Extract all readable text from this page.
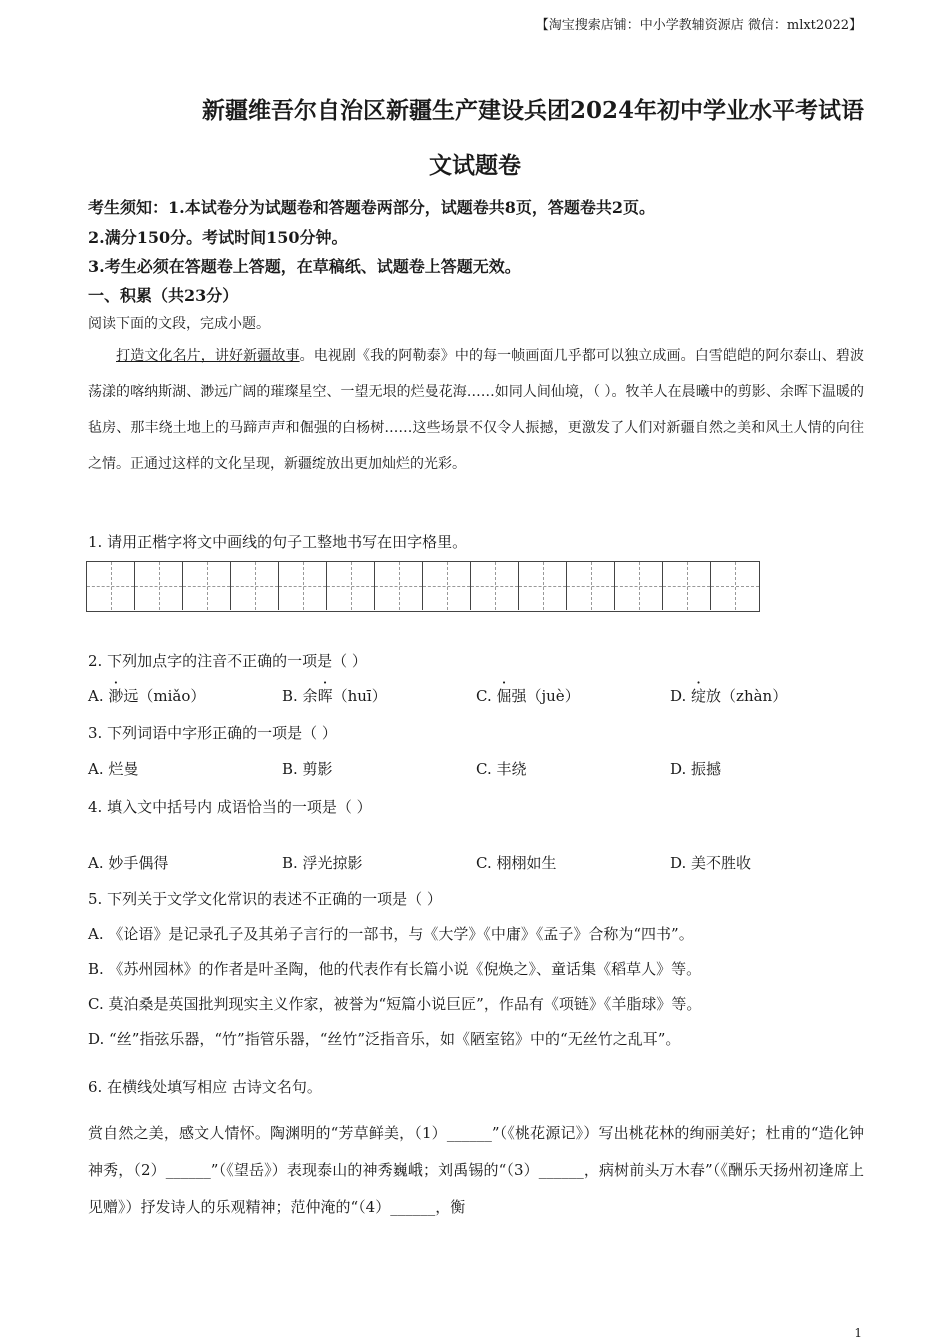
【淘宝搜索店铺：中小学教辅资源店 微信：mlxt2022】
新疆维吾尔自治区新疆生产建设兵团2024年初中学业水平考试语
文试题卷
考生须知：1.本试卷分为试题卷和答题卷两部分，试题卷共8页，答题卷共2页。
2.满分150分。考试时间150分钟。
3.考生必须在答题卷上答题，在草稿纸、试题卷上答题无效。
一、积累（共23分）
阅读下面的文段，完成小题。
打造文化名片，讲好新疆故事。电视剧《我的阿勒泰》中的每一帧画面几乎都可以独立成画。白雪皑皑的阿尔泰山、碧波荡漾的喀纳斯湖、渺远广阔的璀璨星空、一望无垠的烂曼花海……如同人间仙境，（ ）。牧羊人在晨曦中的剪影、余晖下温暖的毡房、那丰绕土地上的马蹄声声和倔强的白杨树……这些场景不仅令人振撼，更激发了人们对新疆自然之美和风土人情的向往之情。正通过这样的文化呈现，新疆绽放出更加灿烂的光彩。
1. 请用正楷字将文中画线的句子工整地书写在田字格里。
2. 下列加点字的注音不正确的一项是（ ）
A. 渺远（miǎo）	B. 余晖（huī）	C. 倔强（juè）	D. 绽放（zhàn）
3. 下列词语中字形正确的一项是（ ）
A. 烂曼	B. 剪影	C. 丰绕	D. 振撼
4. 填入文中括号内 成语恰当的一项是（ ）
A. 妙手偶得	B. 浮光掠影	C. 栩栩如生	D. 美不胜收
5. 下列关于文学文化常识的表述不正确的一项是（ ）
A. 《论语》是记录孔子及其弟子言行的一部书，与《大学》《中庸》《孟子》合称为“四书”。
B. 《苏州园林》的作者是叶圣陶，他的代表作有长篇小说《倪焕之》、童话集《稻草人》等。
C. 莫泊桑是英国批判现实主义作家，被誉为“短篇小说巨匠”，作品有《项链》《羊脂球》等。
D. “丝”指弦乐器，“竹”指管乐器，“丝竹”泛指音乐，如《陋室铭》中的“无丝竹之乱耳”。
6. 在横线处填写相应 古诗文名句。
赏自然之美，感文人情怀。陶渊明的“芳草鲜美，（1）______”（《桃花源记》）写出桃花林的绚丽美好；杜甫的“造化钟神秀，（2）______”（《望岳》）表现泰山的神秀巍峨；刘禹锡的“（3）______，病树前头万木春”（《酬乐天扬州初逢席上见赠》）抒发诗人的乐观精神；范仲淹的“（4）______，衡
1
